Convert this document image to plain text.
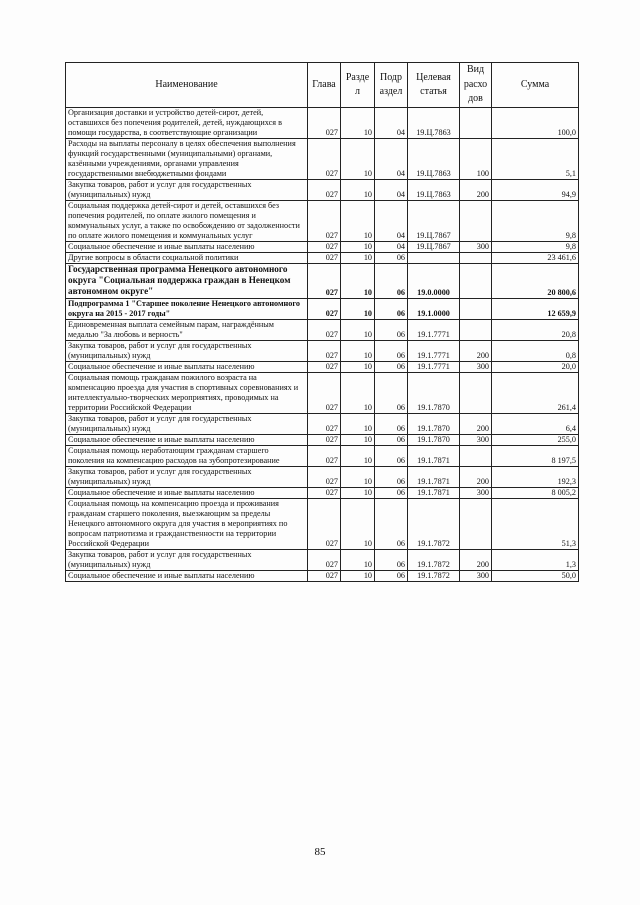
Наименование	Глава	Разде л	Подр аздел	Целевая статья	Вид расхо дов	Сумма
Организация доставки и устройство детей-сирот, детей, оставшихся без попечения родителей, детей, нуждающихся в помощи государства, в соответствующие организации	027	10	04	19.Ц.7863		100,0
Расходы на выплаты персоналу в целях обеспечения выполнения функций государственными (муниципальными) органами, казёнными учреждениями, органами управления государственными внебюджетными фондами	027	10	04	19.Ц.7863	100	5,1
Закупка товаров, работ и услуг для государственных (муниципальных) нужд	027	10	04	19.Ц.7863	200	94,9
Социальная поддержка детей-сирот и детей, оставшихся без попечения родителей, по оплате жилого помещения и коммунальных услуг, а также по освобождению от задолженности по оплате жилого помещения и коммунальных услуг	027	10	04	19.Ц.7867		9,8
Социальное обеспечение и иные выплаты населению	027	10	04	19.Ц.7867	300	9,8
Другие вопросы в области социальной политики	027	10	06			23 461,6
Государственная программа Ненецкого автономного округа "Социальная поддержка граждан в Ненецком автономном округе"	027	10	06	19.0.0000		20 800,6
Подпрограмма 1 "Старшее поколение Ненецкого автономного округа на 2015 - 2017 годы"	027	10	06	19.1.0000		12 659,9
Единовременная выплата семейным парам, награждённым медалью "За любовь и верность"	027	10	06	19.1.7771		20,8
Закупка товаров, работ и услуг для государственных (муниципальных) нужд	027	10	06	19.1.7771	200	0,8
Социальное обеспечение и иные выплаты населению	027	10	06	19.1.7771	300	20,0
Социальная помощь гражданам пожилого возраста на компенсацию проезда для участия в спортивных соревнованиях и интеллектуально-творческих мероприятиях, проводимых на территории Российской Федерации	027	10	06	19.1.7870		261,4
Закупка товаров, работ и услуг для государственных (муниципальных) нужд	027	10	06	19.1.7870	200	6,4
Социальное обеспечение и иные выплаты населению	027	10	06	19.1.7870	300	255,0
Социальная помощь неработающим гражданам старшего поколения на компенсацию расходов на зубопротезирование	027	10	06	19.1.7871		8 197,5
Закупка товаров, работ и услуг для государственных (муниципальных) нужд	027	10	06	19.1.7871	200	192,3
Социальное обеспечение и иные выплаты населению	027	10	06	19.1.7871	300	8 005,2
Социальная помощь на компенсацию проезда и проживания гражданам старшего поколения, выезжающим за пределы Ненецкого автономного округа для участия в мероприятиях по вопросам патриотизма и гражданственности на территории Российской Федерации	027	10	06	19.1.7872		51,3
Закупка товаров, работ и услуг для государственных (муниципальных) нужд	027	10	06	19.1.7872	200	1,3
Социальное обеспечение и иные выплаты населению	027	10	06	19.1.7872	300	50,0
85
